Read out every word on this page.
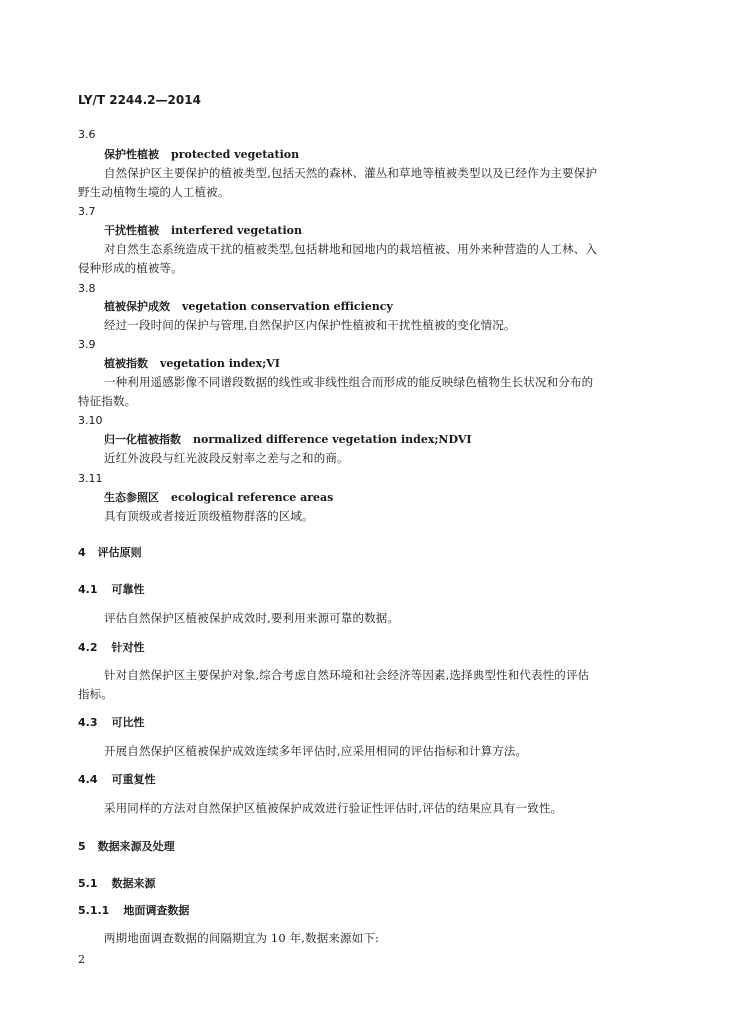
LY/T 2244.2—2014
3.6
保护性植被 protected vegetation
自然保护区主要保护的植被类型,包括天然的森林、灌丛和草地等植被类型以及已经作为主要保护
野生动植物生境的人工植被。
3.7
干扰性植被 interfered vegetation
对自然生态系统造成干扰的植被类型,包括耕地和园地内的栽培植被、用外来种营造的人工林、入
侵种形成的植被等。
3.8
植被保护成效 vegetation conservation efficiency
经过一段时间的保护与管理,自然保护区内保护性植被和干扰性植被的变化情况。
3.9
植被指数 vegetation index;VI
一种利用遥感影像不同谱段数据的线性或非线性组合而形成的能反映绿色植物生长状况和分布的
特征指数。
3.10
归一化植被指数 normalized difference vegetation index;NDVI
近红外波段与红光波段反射率之差与之和的商。
3.11
生态参照区 ecological reference areas
具有顶级或者接近顶级植物群落的区域。
4 评估原则
4.1 可靠性
评估自然保护区植被保护成效时,要利用来源可靠的数据。
4.2 针对性
针对自然保护区主要保护对象,综合考虑自然环境和社会经济等因素,选择典型性和代表性的评估
指标。
4.3 可比性
开展自然保护区植被保护成效连续多年评估时,应采用相同的评估指标和计算方法。
4.4 可重复性
采用同样的方法对自然保护区植被保护成效进行验证性评估时,评估的结果应具有一致性。
5 数据来源及处理
5.1 数据来源
5.1.1 地面调查数据
两期地面调查数据的间隔期宜为 10 年,数据来源如下:
2
